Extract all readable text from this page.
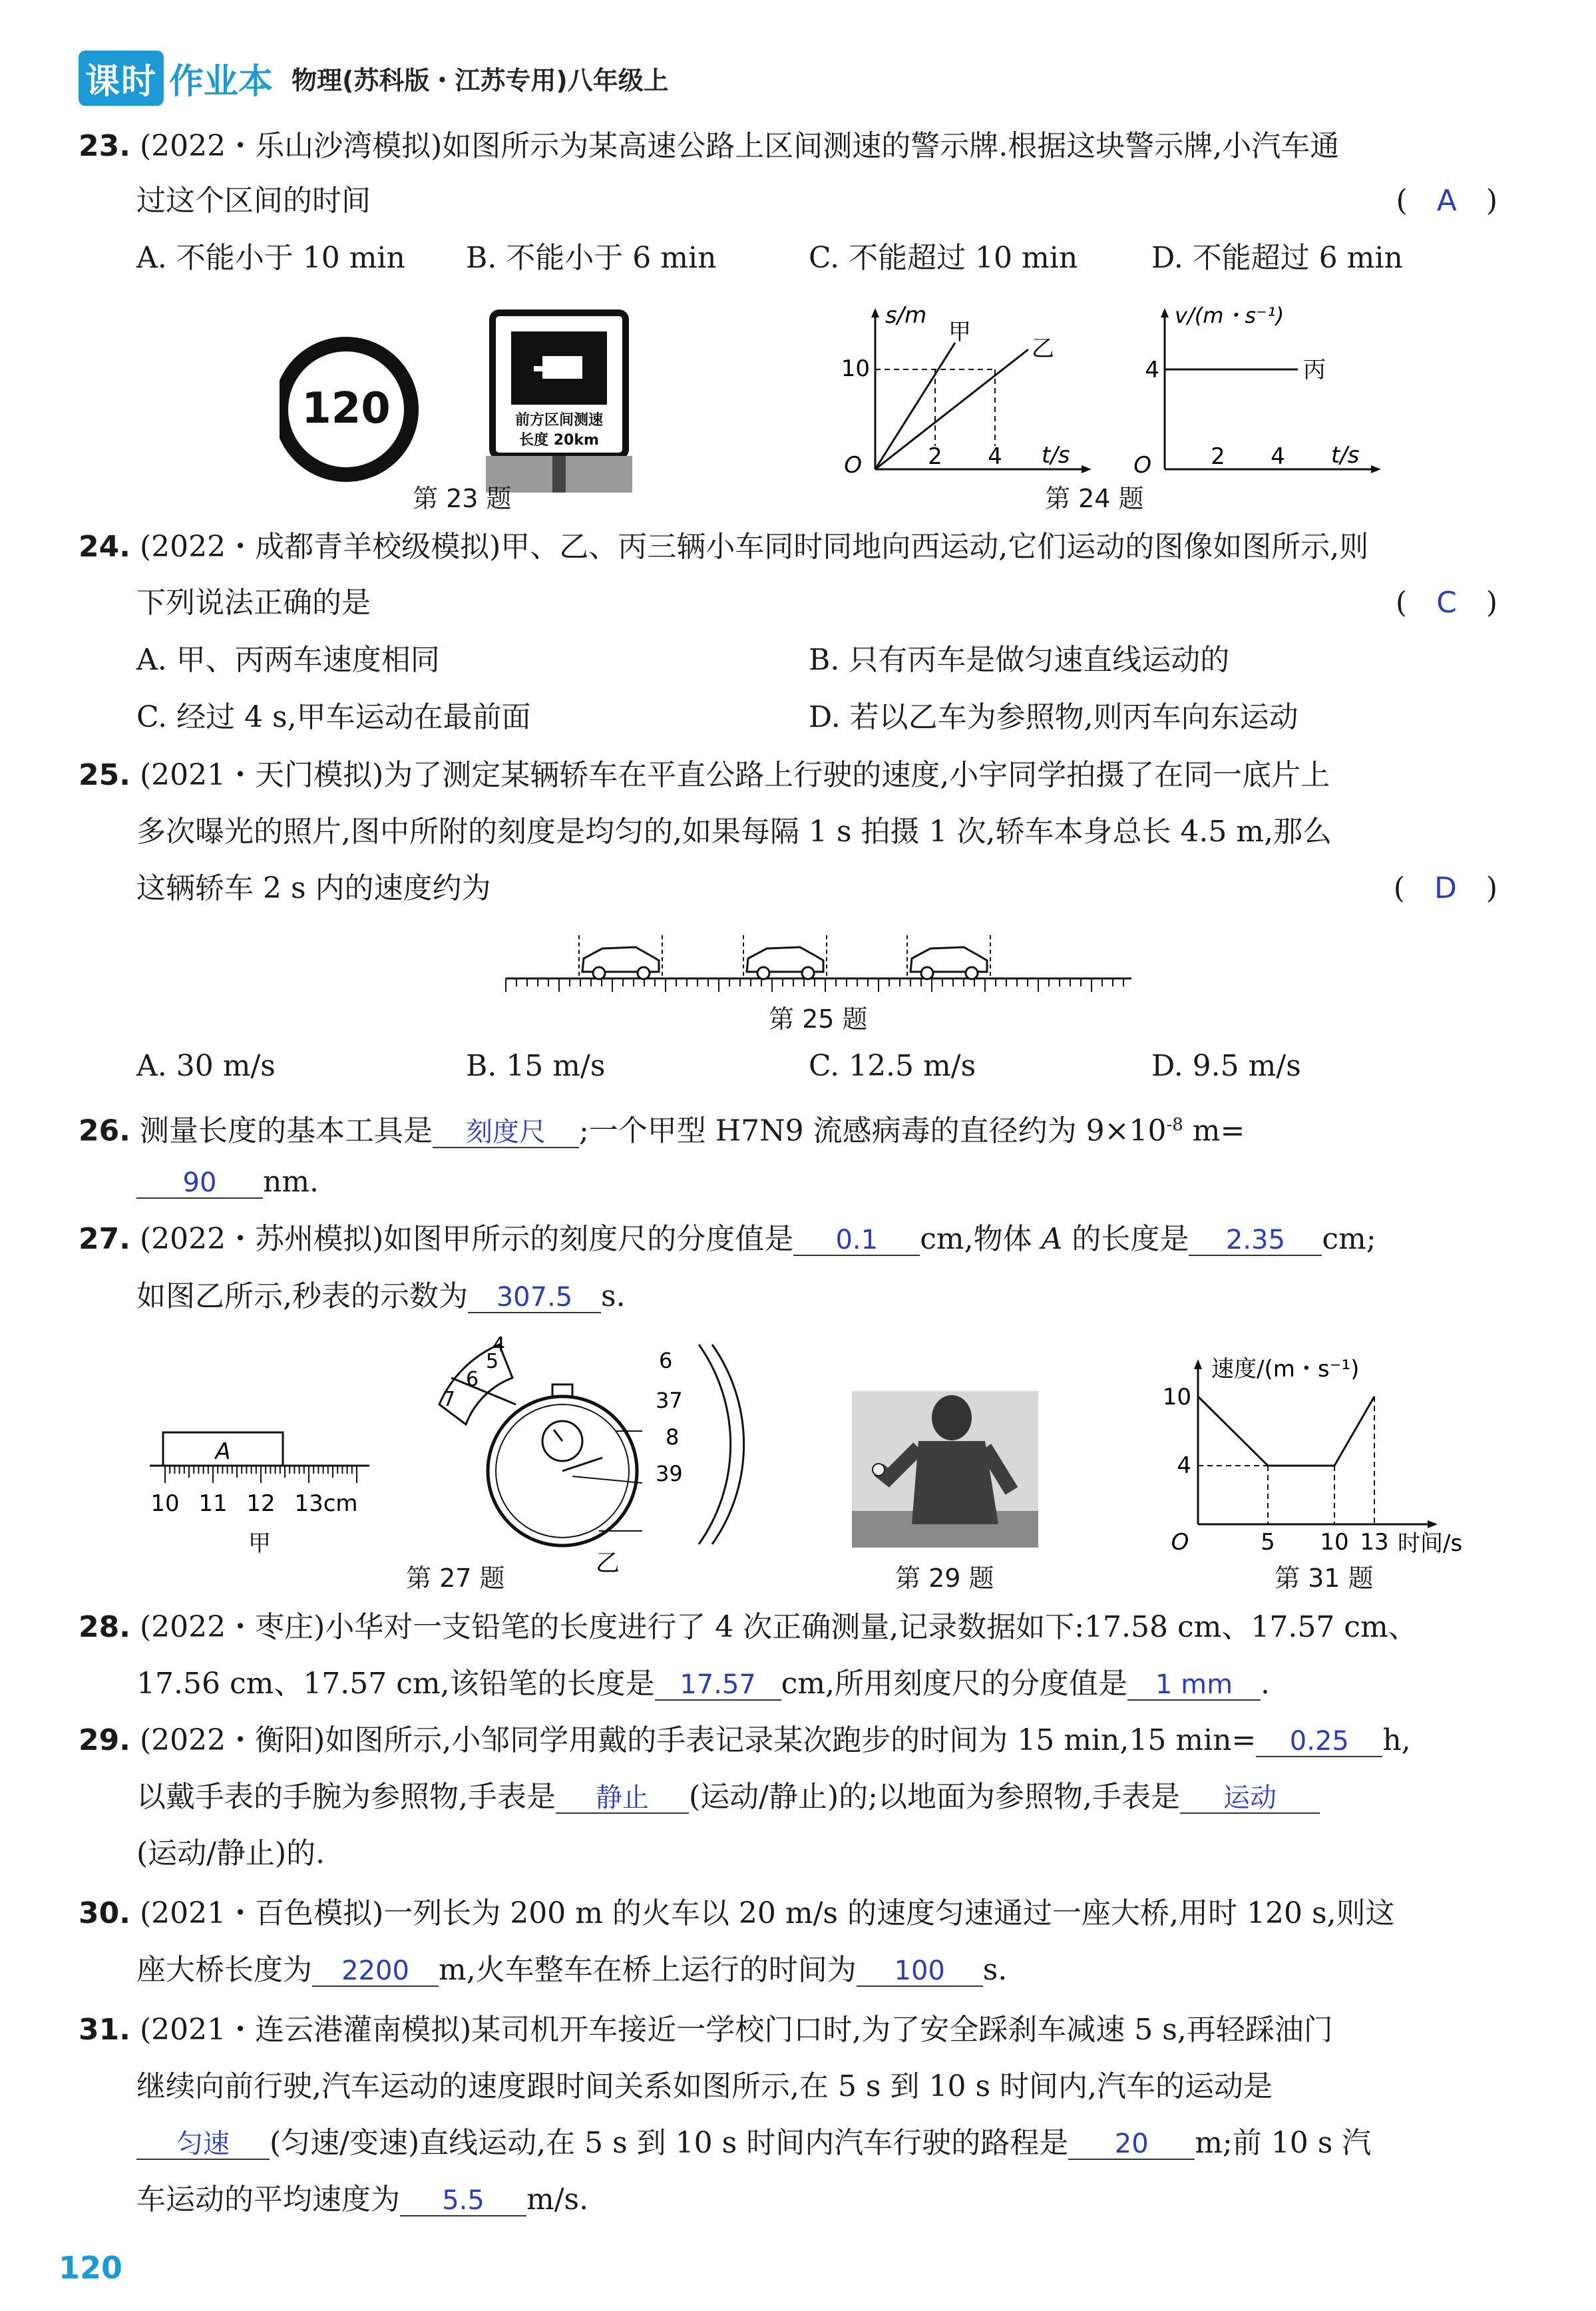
课时 作业本 物理(苏科版・江苏专用)八年级上
23. (2022・乐山沙湾模拟)如图所示为某高速公路上区间测速的警示牌.根据这块警示牌,小汽车通
过这个区间的时间	(　A　)
A. 不能小于 10 min B. 不能小于 6 min	C. 不能超过 10 min	D. 不能超过 6 min
120	前方区间测速
长度 20km
第 23 题
s/m
t/s
O
10
2 4
甲
乙
v/(m・s⁻¹)
t/s
O
4
2 4
丙
第 24 题
24. (2022・成都青羊校级模拟)甲、乙、丙三辆小车同时同地向西运动,它们运动的图像如图所示,则
下列说法正确的是	(　C　)
A. 甲、丙两车速度相同	B. 只有丙车是做匀速直线运动的
C. 经过 4 s,甲车运动在最前面	D. 若以乙车为参照物,则丙车向东运动
25. (2021・天门模拟)为了测定某辆轿车在平直公路上行驶的速度,小宇同学拍摄了在同一底片上
多次曝光的照片,图中所附的刻度是均匀的,如果每隔 1 s 拍摄 1 次,轿车本身总长 4.5 m,那么
这辆轿车 2 s 内的速度约为	(　D　)
第 25 题
A. 30 m/s	B. 15 m/s	C. 12.5 m/s	D. 9.5 m/s
26. 测量长度的基本工具是 刻度尺 ;一个甲型 H7N9 流感病毒的直径约为 $9\times 10^{-8}$ m=
90 nm.
27. (2022・苏州模拟)如图甲所示的刻度尺的分度值是 0.1 cm,物体 A 的长度是 2.35 cm;
如图乙所示,秒表的示数为 307.5 s.
A
10 11 12 13cm
甲
4
5
6
7
6
37
8
39
乙
第 27 题	第 29 题
速度/(m・s⁻¹)
时间/s
O
10
4
5 10 13
第 31 题
28. (2022・枣庄)小华对一支铅笔的长度进行了 4 次正确测量,记录数据如下:17.58 cm、17.57 cm、
17.56 cm、17.57 cm,该铅笔的长度是 17.57 cm,所用刻度尺的分度值是 1 mm .
29. (2022・衡阳)如图所示,小邹同学用戴的手表记录某次跑步的时间为 15 min,15 min= 0.25 h,
以戴手表的手腕为参照物,手表是 静止 (运动/静止)的;以地面为参照物,手表是 运动
(运动/静止)的.
30. (2021・百色模拟)一列长为 200 m 的火车以 20 m/s 的速度匀速通过一座大桥,用时 120 s,则这
座大桥长度为 2200 m,火车整车在桥上运行的时间为 100 s.
31. (2021・连云港灌南模拟)某司机开车接近一学校门口时,为了安全踩刹车减速 5 s,再轻踩油门
继续向前行驶,汽车运动的速度跟时间关系如图所示,在 5 s 到 10 s 时间内,汽车的运动是
匀速 (匀速/变速)直线运动,在 5 s 到 10 s 时间内汽车行驶的路程是 20 m;前 10 s 汽
车运动的平均速度为 5.5 m/s.
120
